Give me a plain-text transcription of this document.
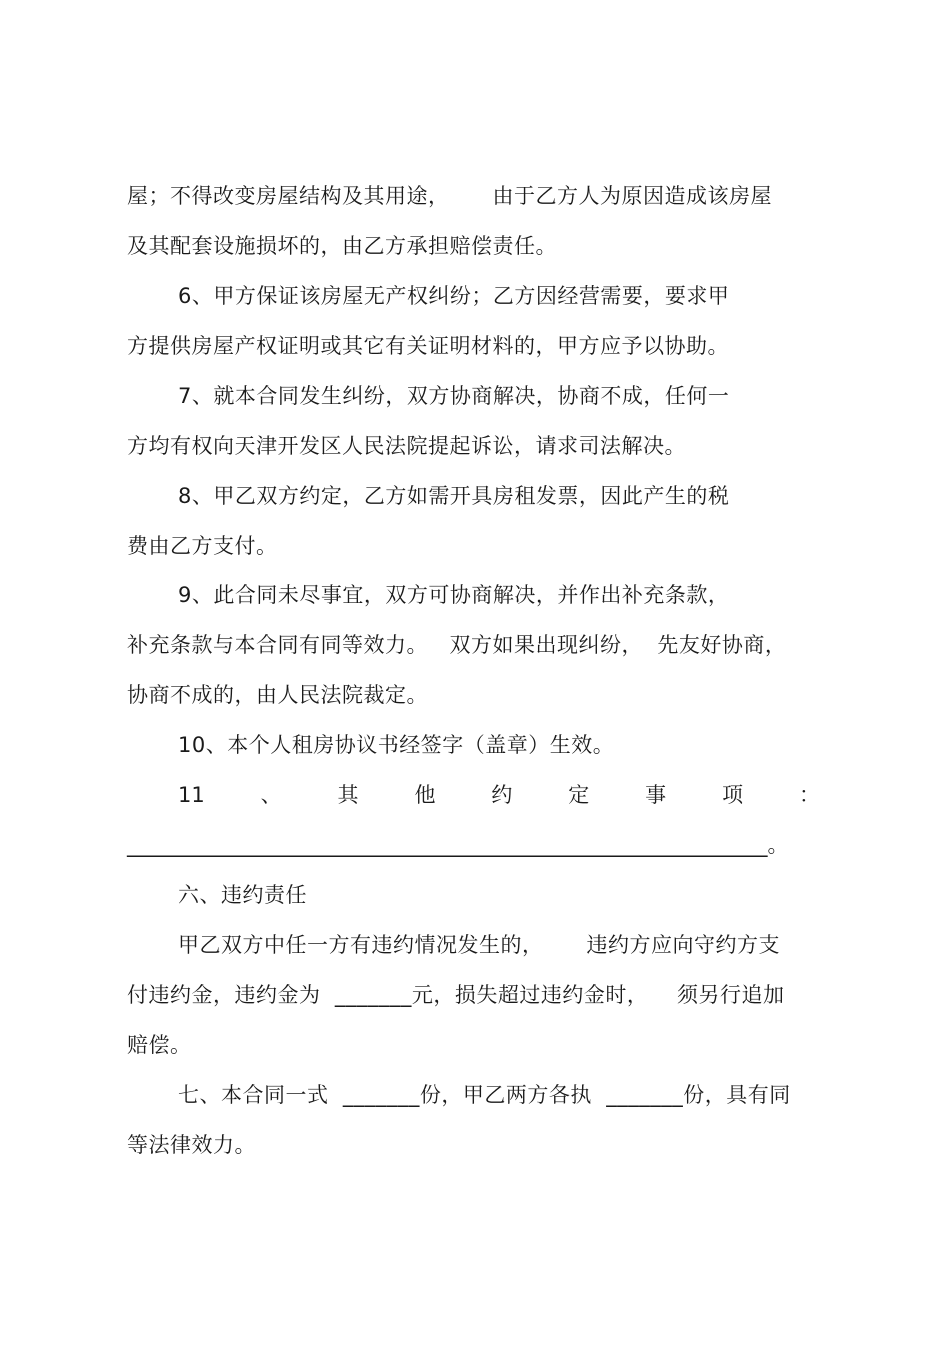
屋；不得改变房屋结构及其用途，      由于乙方人为原因造成该房屋
及其配套设施损坏的，由乙方承担赔偿责任。
6、甲方保证该房屋无产权纠纷；乙方因经营需要，要求甲
方提供房屋产权证明或其它有关证明材料的，甲方应予以协助。
7、就本合同发生纠纷，双方协商解决，协商不成，任何一
方均有权向天津开发区人民法院提起诉讼，请求司法解决。
8、甲乙双方约定，乙方如需开具房租发票，因此产生的税
费由乙方支付。
9、此合同未尽事宜，双方可协商解决，并作出补充条款，
补充条款与本合同有同等效力。   双方如果出现纠纷，  先友好协商，
协商不成的，由人民法院裁定。
10、本个人租房协议书经签字（盖章）生效。
11	、	其	他	约	定	事	项	：
_____________________________________________________________。
六、违约责任
甲乙双方中任一方有违约情况发生的，      违约方应向守约方支
付违约金，违约金为  _______元，损失超过违约金时，    须另行追加
赔偿。
七、本合同一式  _______份，甲乙两方各执  _______份，具有同
等法律效力。
